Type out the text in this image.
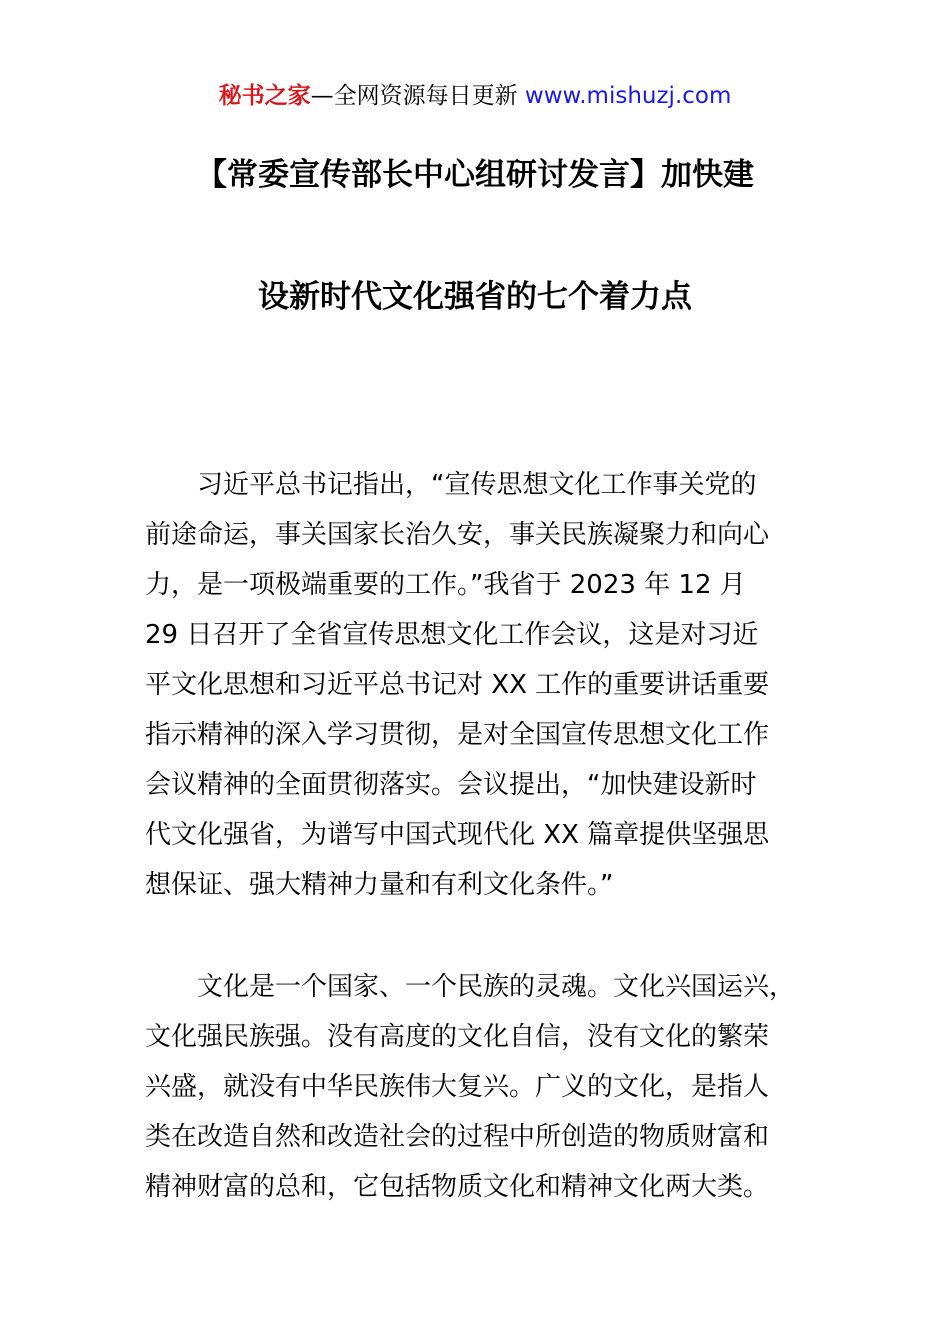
秘书之家—全网资源每日更新 www.mishuzj.com
【常委宣传部长中心组研讨发言】加快建
设新时代文化强省的七个着力点

　　习近平总书记指出，“宣传思想文化工作事关党的
前途命运，事关国家长治久安，事关民族凝聚力和向心
力，是一项极端重要的工作。”我省于 2023 年 12 月
29 日召开了全省宣传思想文化工作会议，这是对习近
平文化思想和习近平总书记对 XX 工作的重要讲话重要
指示精神的深入学习贯彻，是对全国宣传思想文化工作
会议精神的全面贯彻落实。会议提出，“加快建设新时
代文化强省，为谱写中国式现代化 XX 篇章提供坚强思
想保证、强大精神力量和有利文化条件。”

　　文化是一个国家、一个民族的灵魂。文化兴国运兴，
文化强民族强。没有高度的文化自信，没有文化的繁荣
兴盛，就没有中华民族伟大复兴。广义的文化，是指人
类在改造自然和改造社会的过程中所创造的物质财富和
精神财富的总和，它包括物质文化和精神文化两大类。
